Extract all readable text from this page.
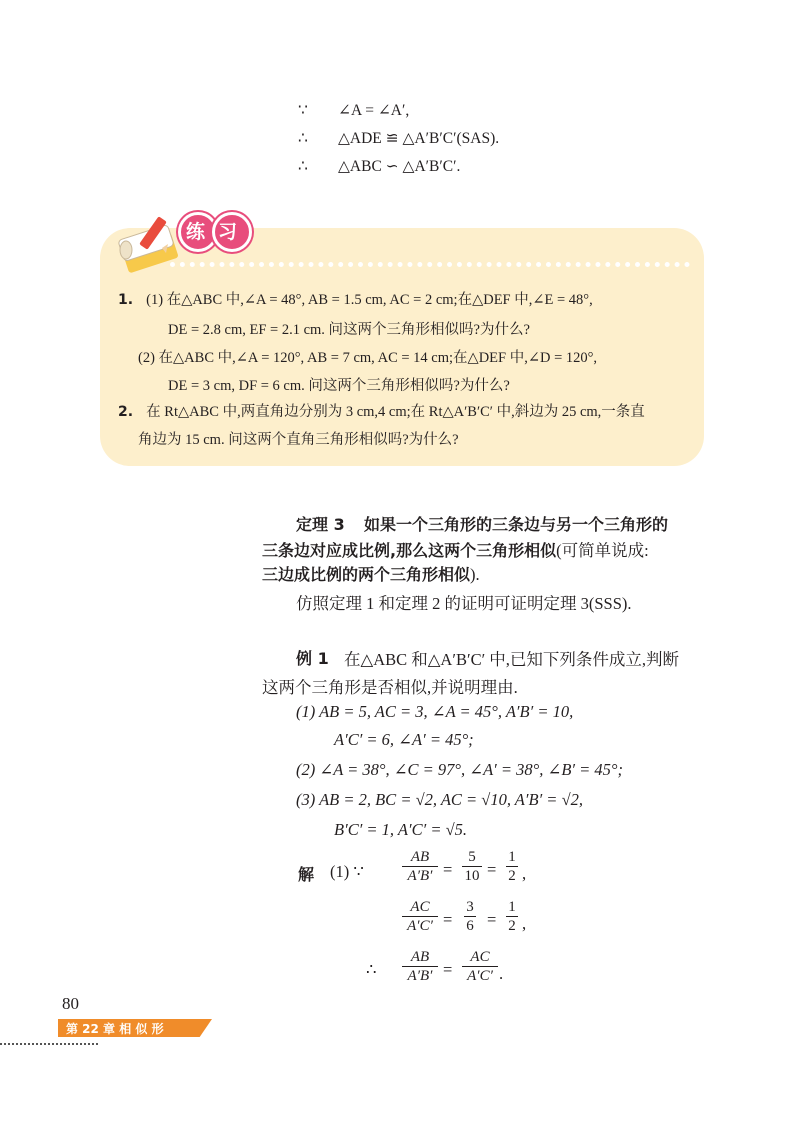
∵ ∠A = ∠A′,
∴ △ADE ≌ △A′B′C′(SAS).
∴ △ABC ∽ △A′B′C′.
练习
1. (1) 在△ABC 中,∠A = 48°, AB = 1.5 cm, AC = 2 cm;在△DEF 中,∠E = 48°,
DE = 2.8 cm, EF = 2.1 cm. 问这两个三角形相似吗?为什么?
(2) 在△ABC 中,∠A = 120°, AB = 7 cm, AC = 14 cm;在△DEF 中,∠D = 120°,
DE = 3 cm, DF = 6 cm. 问这两个三角形相似吗?为什么?
2. 在 Rt△ABC 中,两直角边分别为 3 cm,4 cm;在 Rt△A′B′C′ 中,斜边为 25 cm,一条直
角边为 15 cm. 问这两个直角三角形相似吗?为什么?
定理 3 如果一个三角形的三条边与另一个三角形的
三条边对应成比例,那么这两个三角形相似(可简单说成:
三边成比例的两个三角形相似).
仿照定理 1 和定理 2 的证明可证明定理 3(SSS).
例 1 在△ABC 和△A′B′C′ 中,已知下列条件成立,判断
这两个三角形是否相似,并说明理由.
(1) AB = 5, AC = 3, ∠A = 45°, A′B′ = 10,
A′C′ = 6, ∠A′ = 45°;
(2) ∠A = 38°, ∠C = 97°, ∠A′ = 38°, ∠B′ = 45°;
(3) AB = 2, BC = √2, AC = √10, A′B′ = √2,
B′C′ = 1, A′C′ = √5.
解 (1) ∵
AB
A′B′ =
5
10 =
1
2 ,
AC
A′C′ =
3
6 =
1
2 ,
∴
AB
A′B′ =
AC
A′C′ .
80
第 22 章 相 似 形
